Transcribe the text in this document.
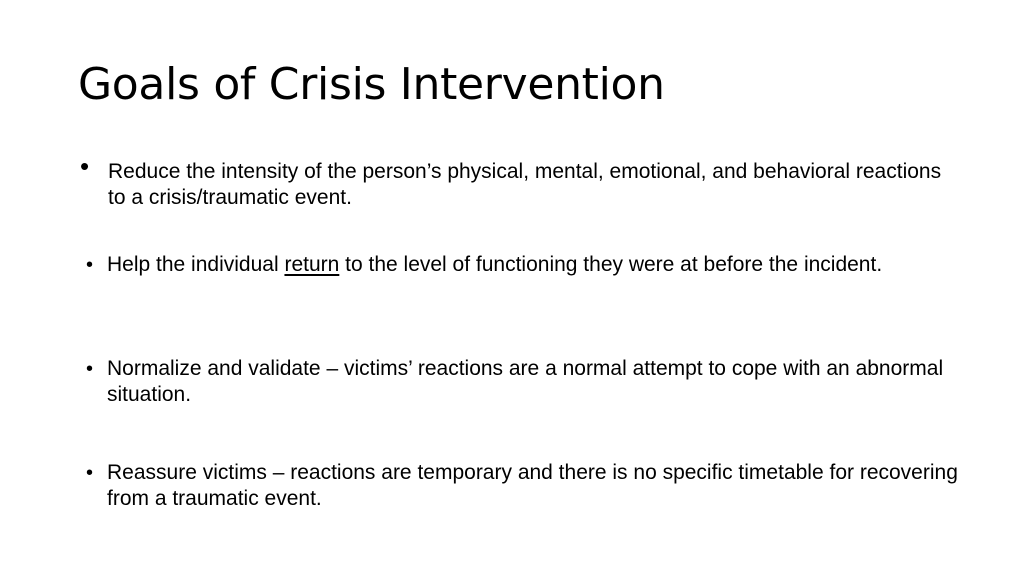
Goals of Crisis Intervention
• Reduce the intensity of the person’s physical, mental, emotional, and behavioral reactions to a crisis/traumatic event.
• Help the individual return to the level of functioning they were at before the incident.
• Normalize and validate – victims’ reactions are a normal attempt to cope with an abnormal situation.
• Reassure victims – reactions are temporary and there is no specific timetable for recovering from a traumatic event.
